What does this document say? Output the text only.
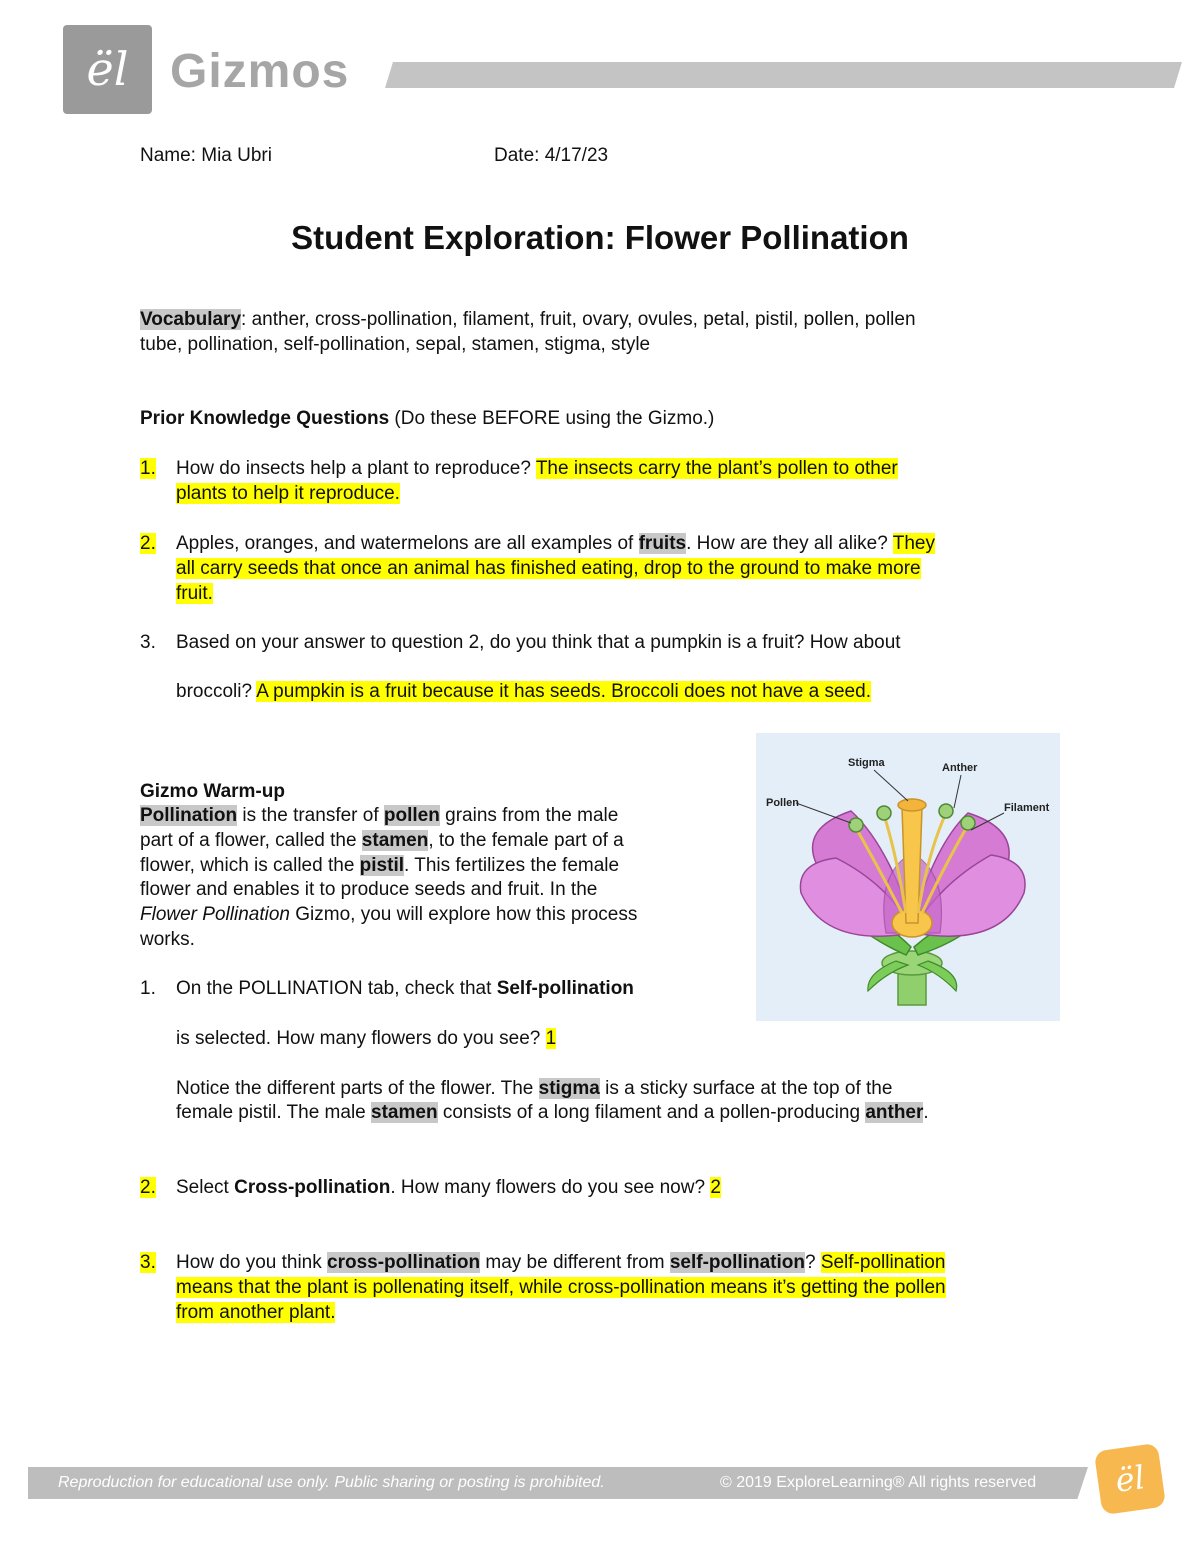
ël Gizmos
Name: Mia Ubri	Date: 4/17/23
Student Exploration: Flower Pollination
Vocabulary: anther, cross-pollination, filament, fruit, ovary, ovules, petal, pistil, pollen, pollen
tube, pollination, self-pollination, sepal, stamen, stigma, style
Prior Knowledge Questions (Do these BEFORE using the Gizmo.)
1. How do insects help a plant to reproduce? The insects carry the plant’s pollen to other
plants to help it reproduce.
2. Apples, oranges, and watermelons are all examples of fruits. How are they all alike? They
all carry seeds that once an animal has finished eating, drop to the ground to make more
fruit.
3. Based on your answer to question 2, do you think that a pumpkin is a fruit? How about
broccoli? A pumpkin is a fruit because it has seeds. Broccoli does not have a seed.
Gizmo Warm-up
Pollination is the transfer of pollen grains from the male
part of a flower, called the stamen, to the female part of a
flower, which is called the pistil. This fertilizes the female
flower and enables it to produce seeds and fruit. In the
Flower Pollination Gizmo, you will explore how this process
works.
1. On the POLLINATION tab, check that Self-pollination
is selected. How many flowers do you see? 1
Notice the different parts of the flower. The stigma is a sticky surface at the top of the
female pistil. The male stamen consists of a long filament and a pollen-producing anther.
2. Select Cross-pollination. How many flowers do you see now? 2
3. How do you think cross-pollination may be different from self-pollination? Self-pollination
means that the plant is pollenating itself, while cross-pollination means it’s getting the pollen
from another plant.
Stigma	Anther
Pollen	Filament
Reproduction for educational use only. Public sharing or posting is prohibited.	© 2019 ExploreLearning® All rights reserved	ël
